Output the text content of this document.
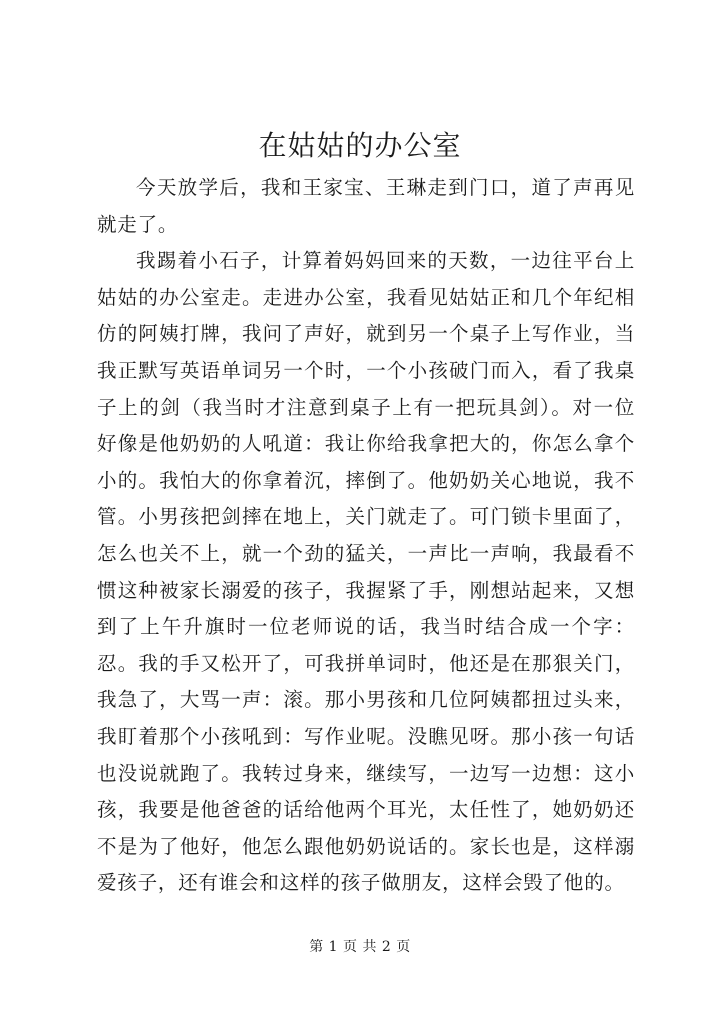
在姑姑的办公室

今天放学后，我和王家宝、王琳走到门口，道了声再见就走了。

我踢着小石子，计算着妈妈回来的天数，一边往平台上姑姑的办公室走。走进办公室，我看见姑姑正和几个年纪相仿的阿姨打牌，我问了声好，就到另一个桌子上写作业，当我正默写英语单词另一个时，一个小孩破门而入，看了我桌子上的剑（我当时才注意到桌子上有一把玩具剑）。对一位好像是他奶奶的人吼道：我让你给我拿把大的，你怎么拿个小的。我怕大的你拿着沉，摔倒了。他奶奶关心地说，我不管。小男孩把剑摔在地上，关门就走了。可门锁卡里面了，怎么也关不上，就一个劲的猛关，一声比一声响，我最看不惯这种被家长溺爱的孩子，我握紧了手，刚想站起来，又想到了上午升旗时一位老师说的话，我当时结合成一个字：忍。我的手又松开了，可我拼单词时，他还是在那狠关门，我急了，大骂一声：滚。那小男孩和几位阿姨都扭过头来，我盯着那个小孩吼到：写作业呢。没瞧见呀。那小孩一句话也没说就跑了。我转过身来，继续写，一边写一边想：这小孩，我要是他爸爸的话给他两个耳光，太任性了，她奶奶还不是为了他好，他怎么跟他奶奶说话的。家长也是，这样溺爱孩子，还有谁会和这样的孩子做朋友，这样会毁了他的。

第 1 页 共 2 页
